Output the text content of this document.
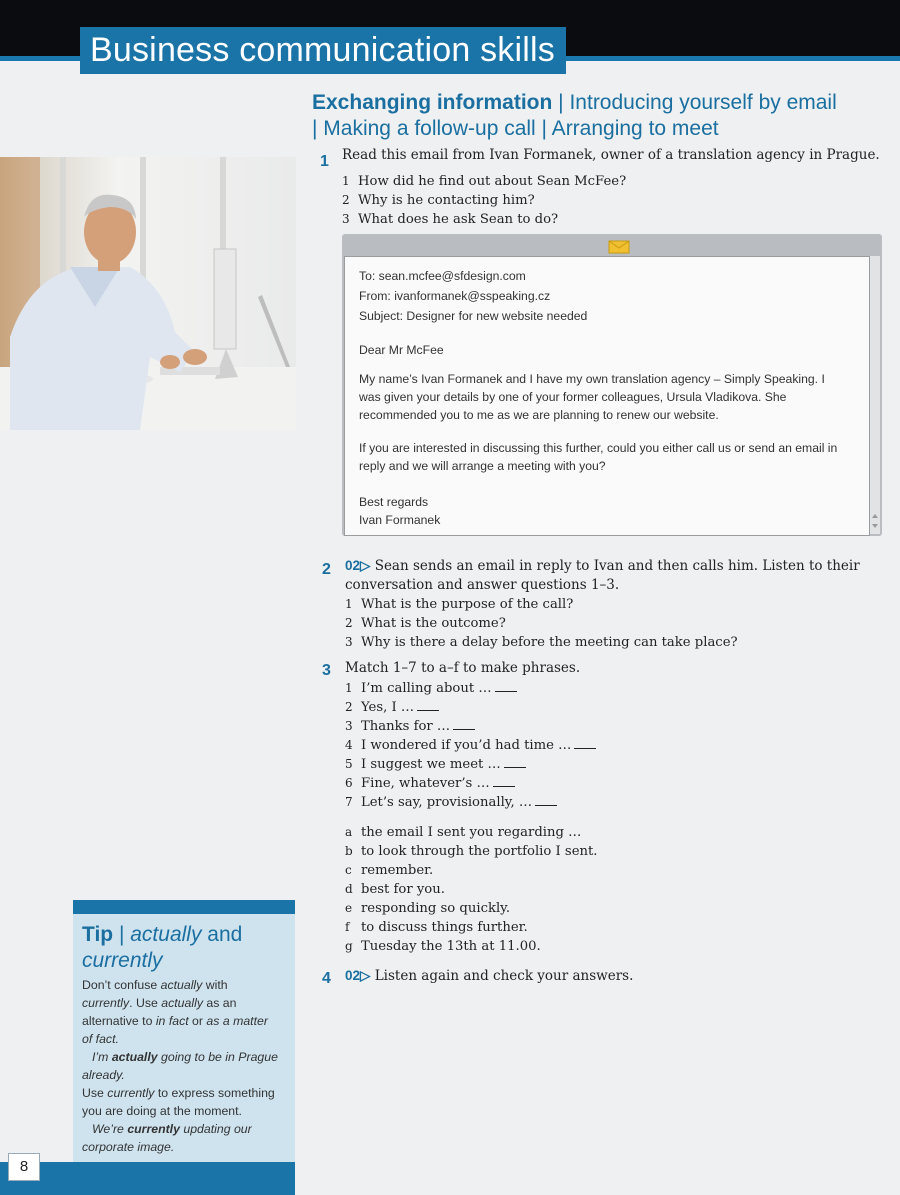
Business communication skills
Exchanging information | Introducing yourself by email
| Making a follow-up call | Arranging to meet
1 Read this email from Ivan Formanek, owner of a translation agency in Prague.
1 How did he find out about Sean McFee?
2 Why is he contacting him?
3 What does he ask Sean to do?
To: sean.mcfee@sfdesign.com
From: ivanformanek@sspeaking.cz
Subject: Designer for new website needed
Dear Mr McFee
My name’s Ivan Formanek and I have my own translation agency – Simply Speaking. I was given your details by one of your former colleagues, Ursula Vladikova. She recommended you to me as we are planning to renew our website.
If you are interested in discussing this further, could you either call us or send an email in reply and we will arrange a meeting with you?
Best regards
Ivan Formanek
2 02▷ Sean sends an email in reply to Ivan and then calls him. Listen to their conversation and answer questions 1–3.
1 What is the purpose of the call?
2 What is the outcome?
3 Why is there a delay before the meeting can take place?
3 Match 1–7 to a–f to make phrases.
1 I’m calling about …
2 Yes, I …
3 Thanks for …
4 I wondered if you’d had time …
5 I suggest we meet …
6 Fine, whatever’s …
7 Let’s say, provisionally, …
a the email I sent you regarding …
b to look through the portfolio I sent.
c remember.
d best for you.
e responding so quickly.
f to discuss things further.
g Tuesday the 13th at 11.00.
4 02▷ Listen again and check your answers.
Tip | actually and
currently
Don’t confuse actually with
currently. Use actually as an
alternative to in fact or as a matter
of fact.
I’m actually going to be in Prague
already.
Use currently to express something
you are doing at the moment.
We’re currently updating our
corporate image.
8
